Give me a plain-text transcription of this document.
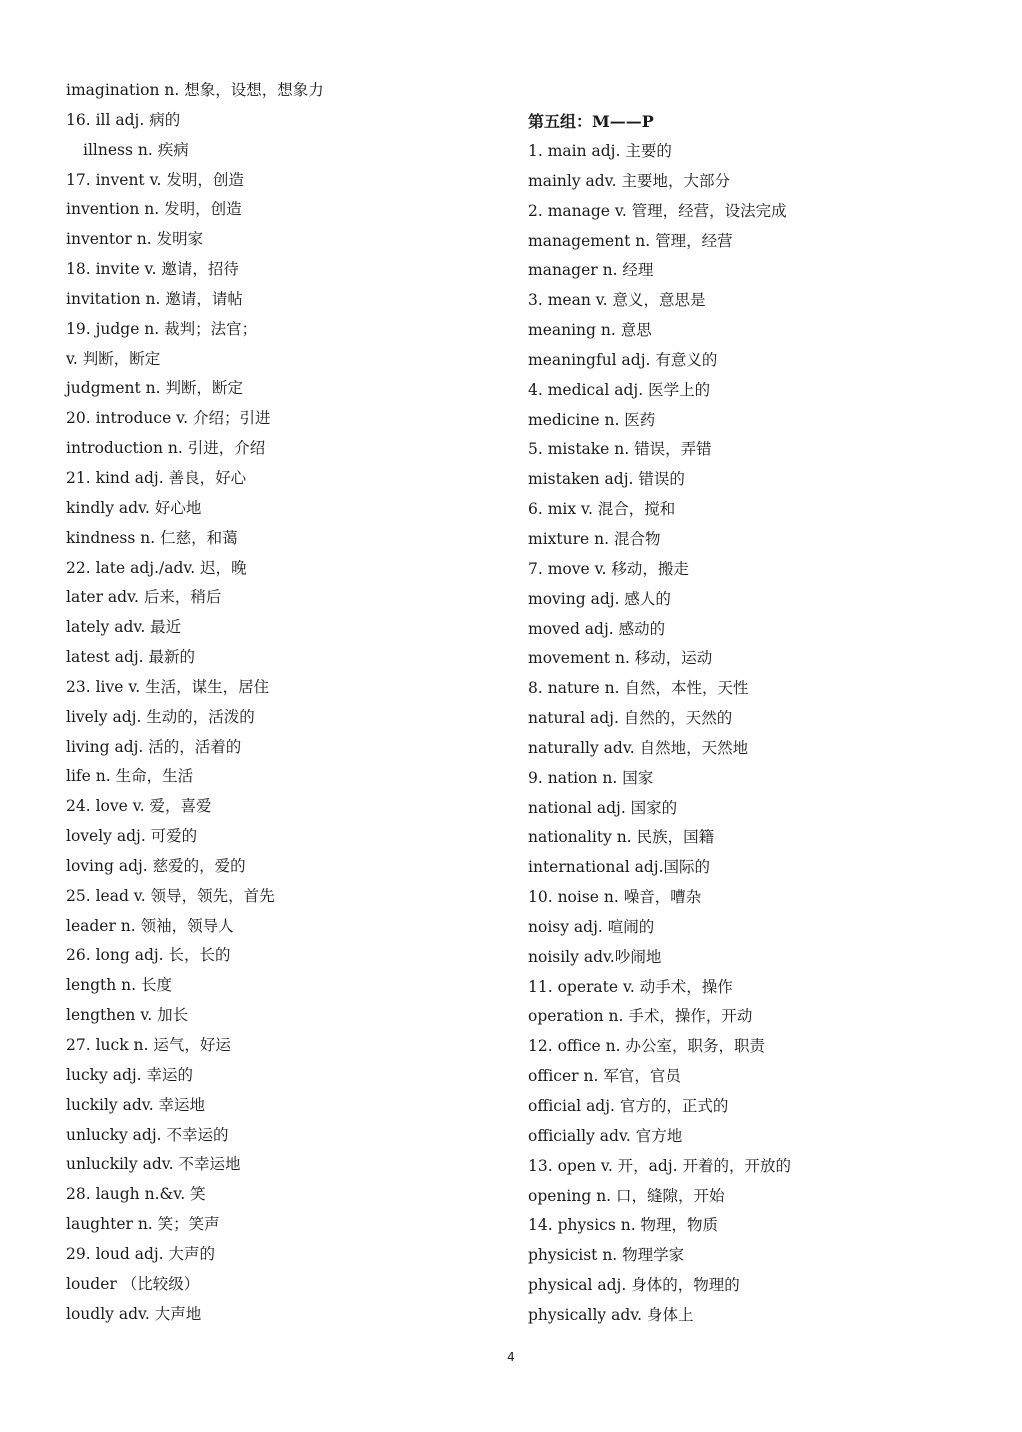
imagination n. 想象，设想，想象力
16. ill adj. 病的
illness n. 疾病
17. invent v. 发明，创造
invention n. 发明，创造
inventor n. 发明家
18. invite v. 邀请，招待
invitation n. 邀请，请帖
19. judge n. 裁判；法官；
v. 判断，断定
judgment n. 判断，断定
20. introduce v. 介绍；引进
introduction n. 引进，介绍
21. kind adj. 善良，好心
kindly adv. 好心地
kindness n. 仁慈，和蔼
22. late adj./adv. 迟，晚
later adv. 后来，稍后
lately adv. 最近
latest adj. 最新的
23. live v. 生活，谋生，居住
lively adj. 生动的，活泼的
living adj. 活的，活着的
life n. 生命，生活
24. love v. 爱，喜爱
lovely adj. 可爱的
loving adj. 慈爱的，爱的
25. lead v. 领导，领先，首先
leader n. 领袖，领导人
26. long adj. 长，长的
length n. 长度
lengthen v. 加长
27. luck n. 运气，好运
lucky adj. 幸运的
luckily adv. 幸运地
unlucky adj. 不幸运的
unluckily adv. 不幸运地
28. laugh n.&v. 笑
laughter n. 笑；笑声
29. loud adj. 大声的
louder （比较级）
loudly adv. 大声地
第五组：M——P
1. main adj. 主要的
mainly adv. 主要地，大部分
2. manage v. 管理，经营，设法完成
management n. 管理，经营
manager n. 经理
3. mean v. 意义，意思是
meaning n. 意思
meaningful adj. 有意义的
4. medical adj. 医学上的
medicine n. 医药
5. mistake n. 错误，弄错
mistaken adj. 错误的
6. mix v. 混合，搅和
mixture n. 混合物
7. move v. 移动，搬走
moving adj. 感人的
moved adj. 感动的
movement n. 移动，运动
8. nature n. 自然，本性，天性
natural adj. 自然的，天然的
naturally adv. 自然地，天然地
9. nation n. 国家
national adj. 国家的
nationality n. 民族，国籍
international adj.国际的
10. noise n. 噪音，嘈杂
noisy adj. 喧闹的
noisily adv.吵闹地
11. operate v. 动手术，操作
operation n. 手术，操作，开动
12. office n. 办公室，职务，职责
officer n. 军官，官员
official adj. 官方的，正式的
officially adv. 官方地
13. open v. 开，adj. 开着的，开放的
opening n. 口，缝隙，开始
14. physics n. 物理，物质
physicist n. 物理学家
physical adj. 身体的，物理的
physically adv. 身体上
4
